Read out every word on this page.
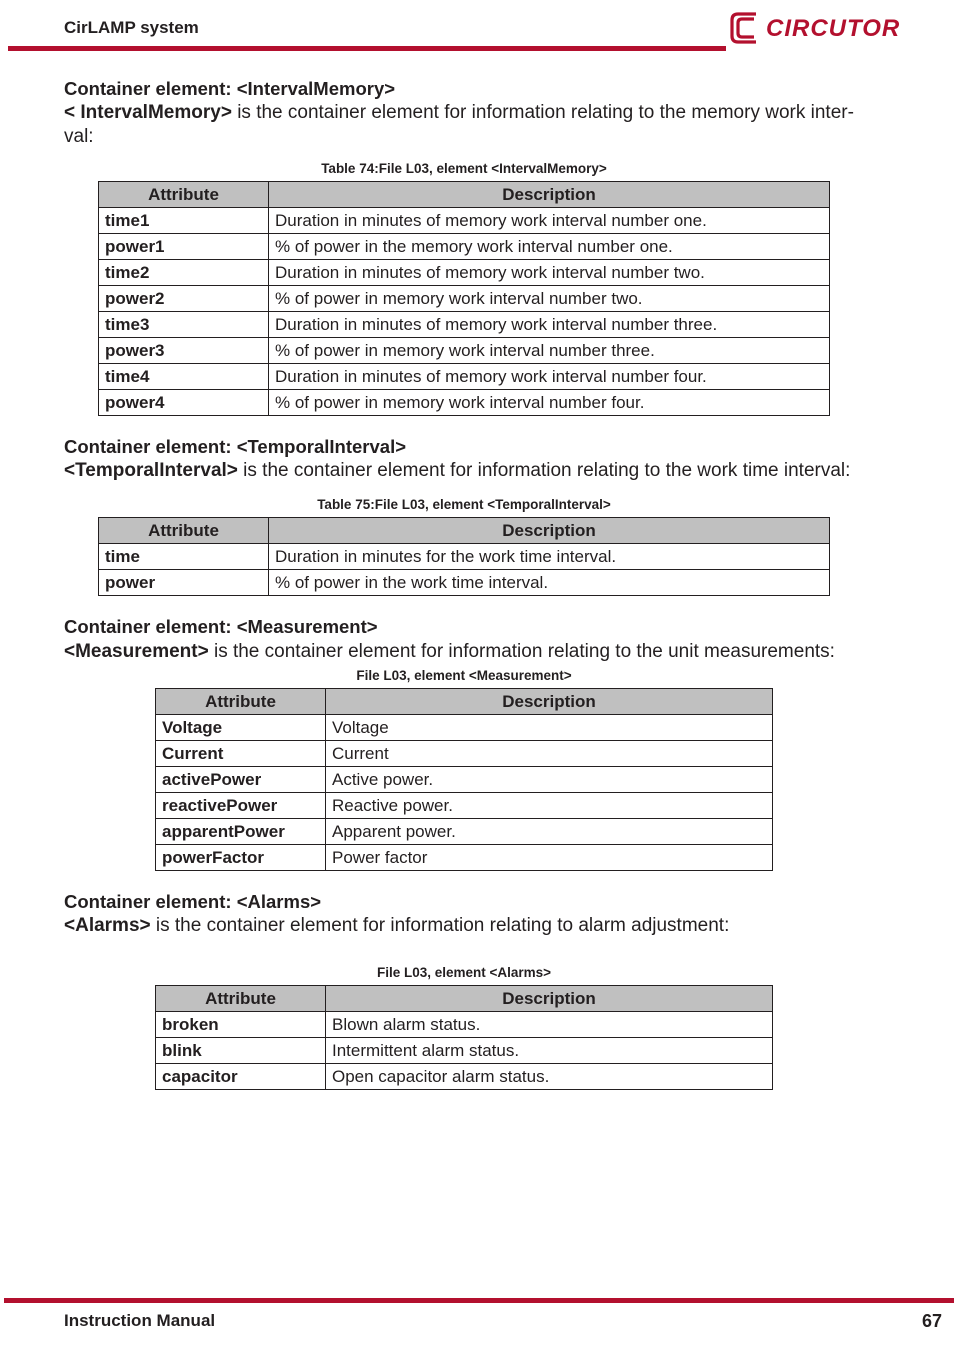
CirLAMP system	CIRCUTOR
Container element: <IntervalMemory>
< IntervalMemory> is the container element for information relating to the memory work inter-val:
Table 74:File L03, element <IntervalMemory>
Attribute	Description
time1	Duration in minutes of memory work interval number one.
power1	% of power in the memory work interval number one.
time2	Duration in minutes of memory work interval number two.
power2	% of power in memory work interval number two.
time3	Duration in minutes of memory work interval number three.
power3	% of power in memory work interval number three.
time4	Duration in minutes of memory work interval number four.
power4	% of power in memory work interval number four.
Container element: <TemporalInterval>
<TemporalInterval> is the container element for information relating to the work time interval:
Table 75:File L03, element <TemporalInterval>
Attribute	Description
time	Duration in minutes for the work time interval.
power	% of power in the work time interval.
Container element: <Measurement>
<Measurement> is the container element for information relating to the unit measurements:
File L03, element <Measurement>
Attribute	Description
Voltage	Voltage
Current	Current
activePower	Active power.
reactivePower	Reactive power.
apparentPower	Apparent power.
powerFactor	Power factor
Container element: <Alarms>
<Alarms> is the container element for information relating to alarm adjustment:
File L03, element <Alarms>
Attribute	Description
broken	Blown alarm status.
blink	Intermittent alarm status.
capacitor	Open capacitor alarm status.
Instruction Manual	67
